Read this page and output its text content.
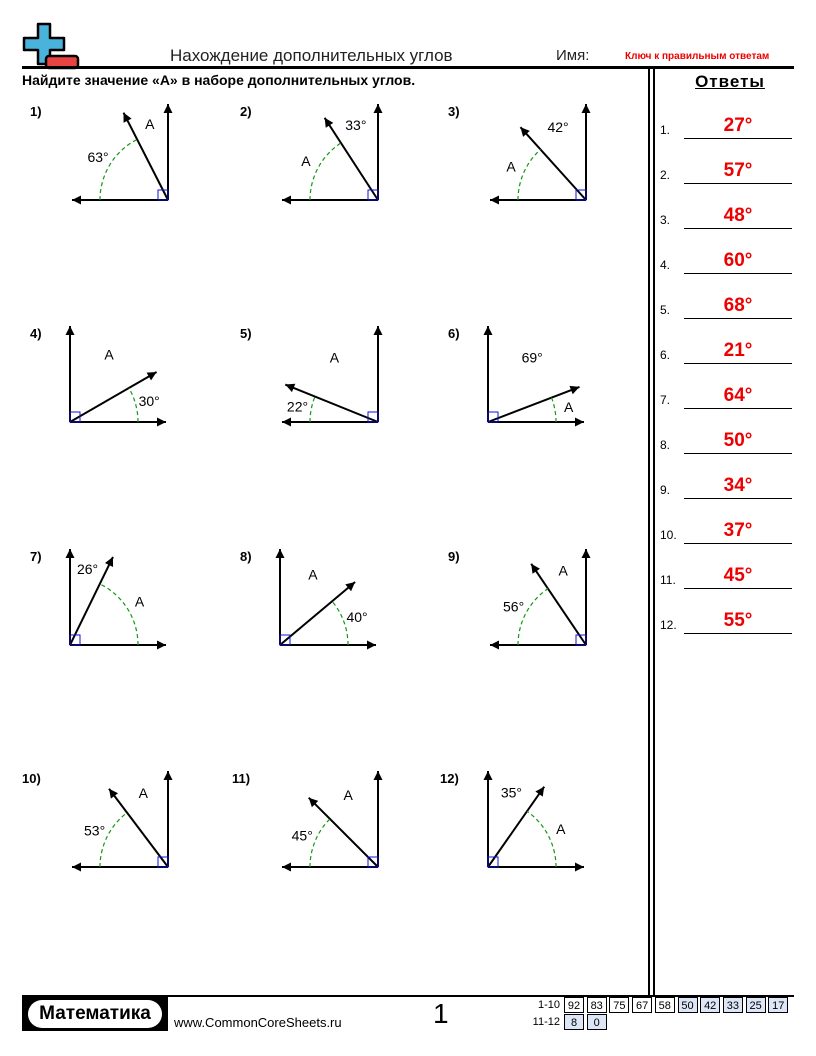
Нахождение дополнительных углов	Имя:	Ключ к правильным ответам
Найдите значение «A» в наборе дополнительных углов.	Ответы
1.	27°
2.	57°
3.	48°
4.	60°
5.	68°
6.	21°
7.	64°
8.	50°
9.	34°
10.	37°
11.	45°
12.	55°
1)
63°
A
2)
A
33°
3)
A
42°
4)
30°
A
5)
22°
A
6)
A
69°
7)
A
26°
8)
40°
A
9)
56°
A
10)
53°
A
11)
45°
A
12)
A
35°
Математика	www.CommonCoreSheets.ru	1	1-10 92 83 75 67 58 50 42 33 25 17
11-12 8	0
